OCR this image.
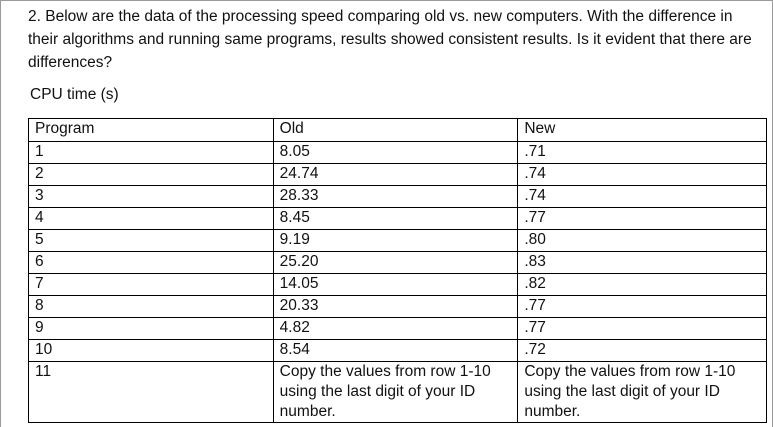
2. Below are the data of the processing speed comparing old vs. new computers. With the difference in their algorithms and running same programs, results showed consistent results. Is it evident that there are differences?

CPU time (s)

Program	Old	New
1	8.05	.71
2	24.74	.74
3	28.33	.74
4	8.45	.77
5	9.19	.80
6	25.20	.83
7	14.05	.82
8	20.33	.77
9	4.82	.77
10	8.54	.72
11	Copy the values from row 1-10 using the last digit of your ID number.	Copy the values from row 1-10 using the last digit of your ID number.
